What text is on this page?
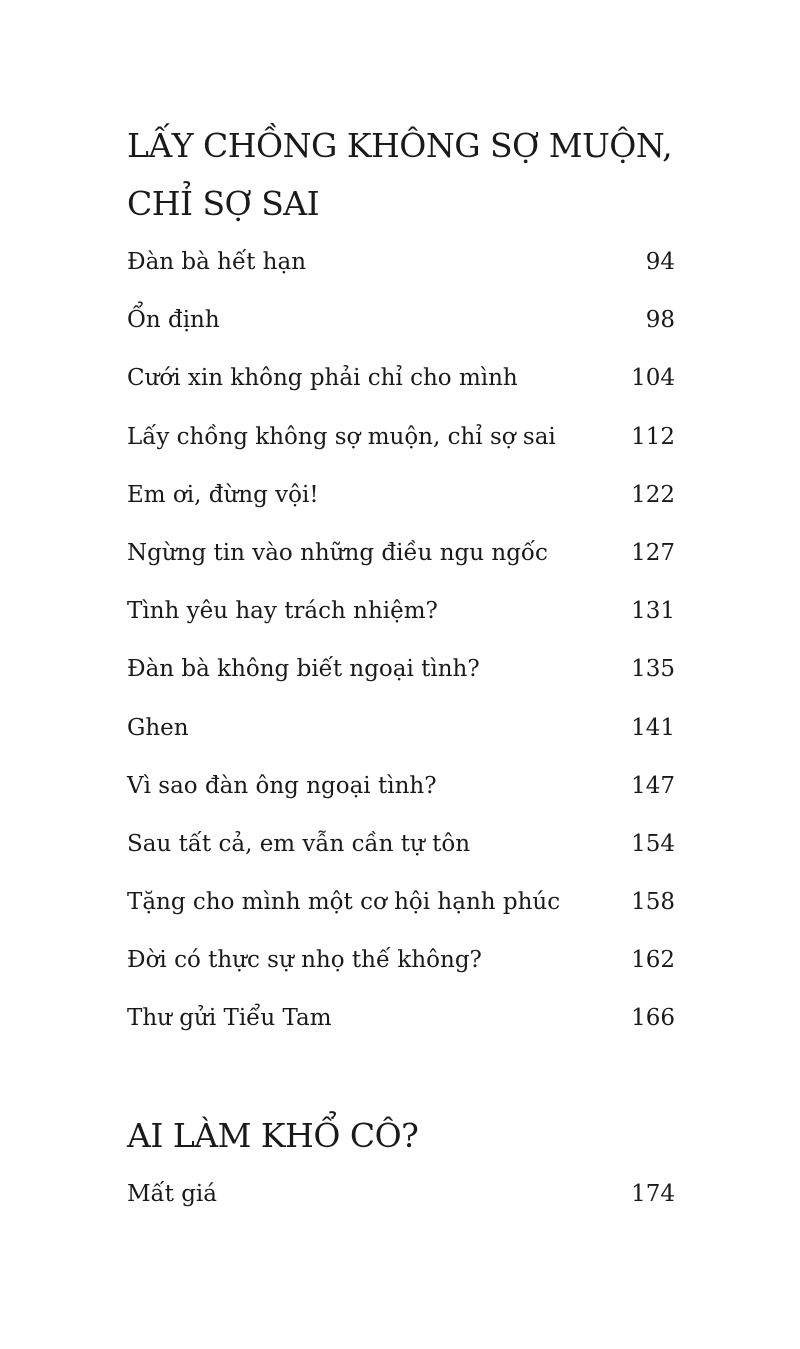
LẤY CHỒNG KHÔNG SỢ MUỘN,
CHỈ SỢ SAI
Đàn bà hết hạn	94
Ổn định	98
Cưới xin không phải chỉ cho mình	104
Lấy chồng không sợ muộn, chỉ sợ sai	112
Em ơi, đừng vội!	122
Ngừng tin vào những điều ngu ngốc	127
Tình yêu hay trách nhiệm?	131
Đàn bà không biết ngoại tình?	135
Ghen	141
Vì sao đàn ông ngoại tình?	147
Sau tất cả, em vẫn cần tự tôn	154
Tặng cho mình một cơ hội hạnh phúc	158
Đời có thực sự nhọ thế không?	162
Thư gửi Tiểu Tam	166
AI LÀM KHỔ CÔ?
Mất giá	174
